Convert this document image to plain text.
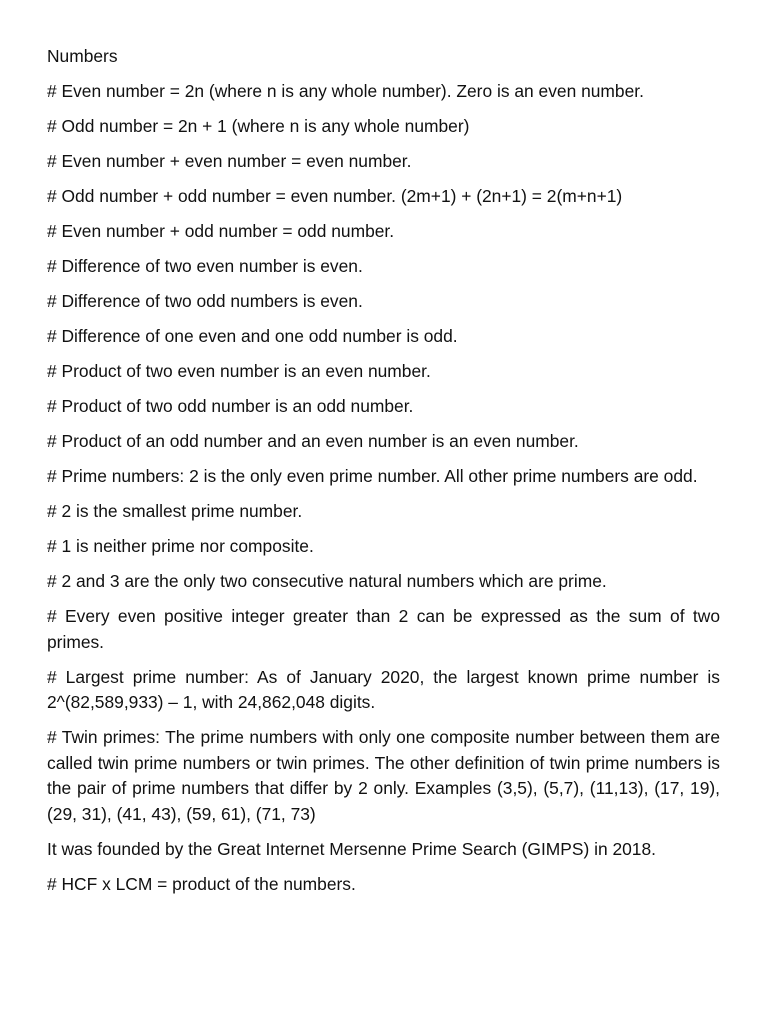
Numbers

# Even number = 2n (where n is any whole number). Zero is an even number.

# Odd number = 2n + 1 (where n is any whole number)

# Even number + even number = even number.

# Odd number + odd number = even number. (2m+1) + (2n+1) = 2(m+n+1)

# Even number + odd number = odd number.

# Difference of two even number is even.

# Difference of two odd numbers is even.

# Difference of one even and one odd number is odd.

# Product of two even number is an even number.

# Product of two odd number is an odd number.

# Product of an odd number and an even number is an even number.

# Prime numbers: 2 is the only even prime number. All other prime numbers are odd.

# 2 is the smallest prime number.

# 1 is neither prime nor composite.

# 2 and 3 are the only two consecutive natural numbers which are prime.

# Every even positive integer greater than 2 can be expressed as the sum of two primes.

# Largest prime number: As of January 2020, the largest known prime number is 2^(82,589,933) – 1, with 24,862,048 digits.

# Twin primes: The prime numbers with only one composite number between them are called twin prime numbers or twin primes. The other definition of twin prime numbers is the pair of prime numbers that differ by 2 only. Examples (3,5), (5,7), (11,13), (17, 19), (29, 31), (41, 43), (59, 61), (71, 73)

It was founded by the Great Internet Mersenne Prime Search (GIMPS) in 2018.

# HCF x LCM = product of the numbers.
